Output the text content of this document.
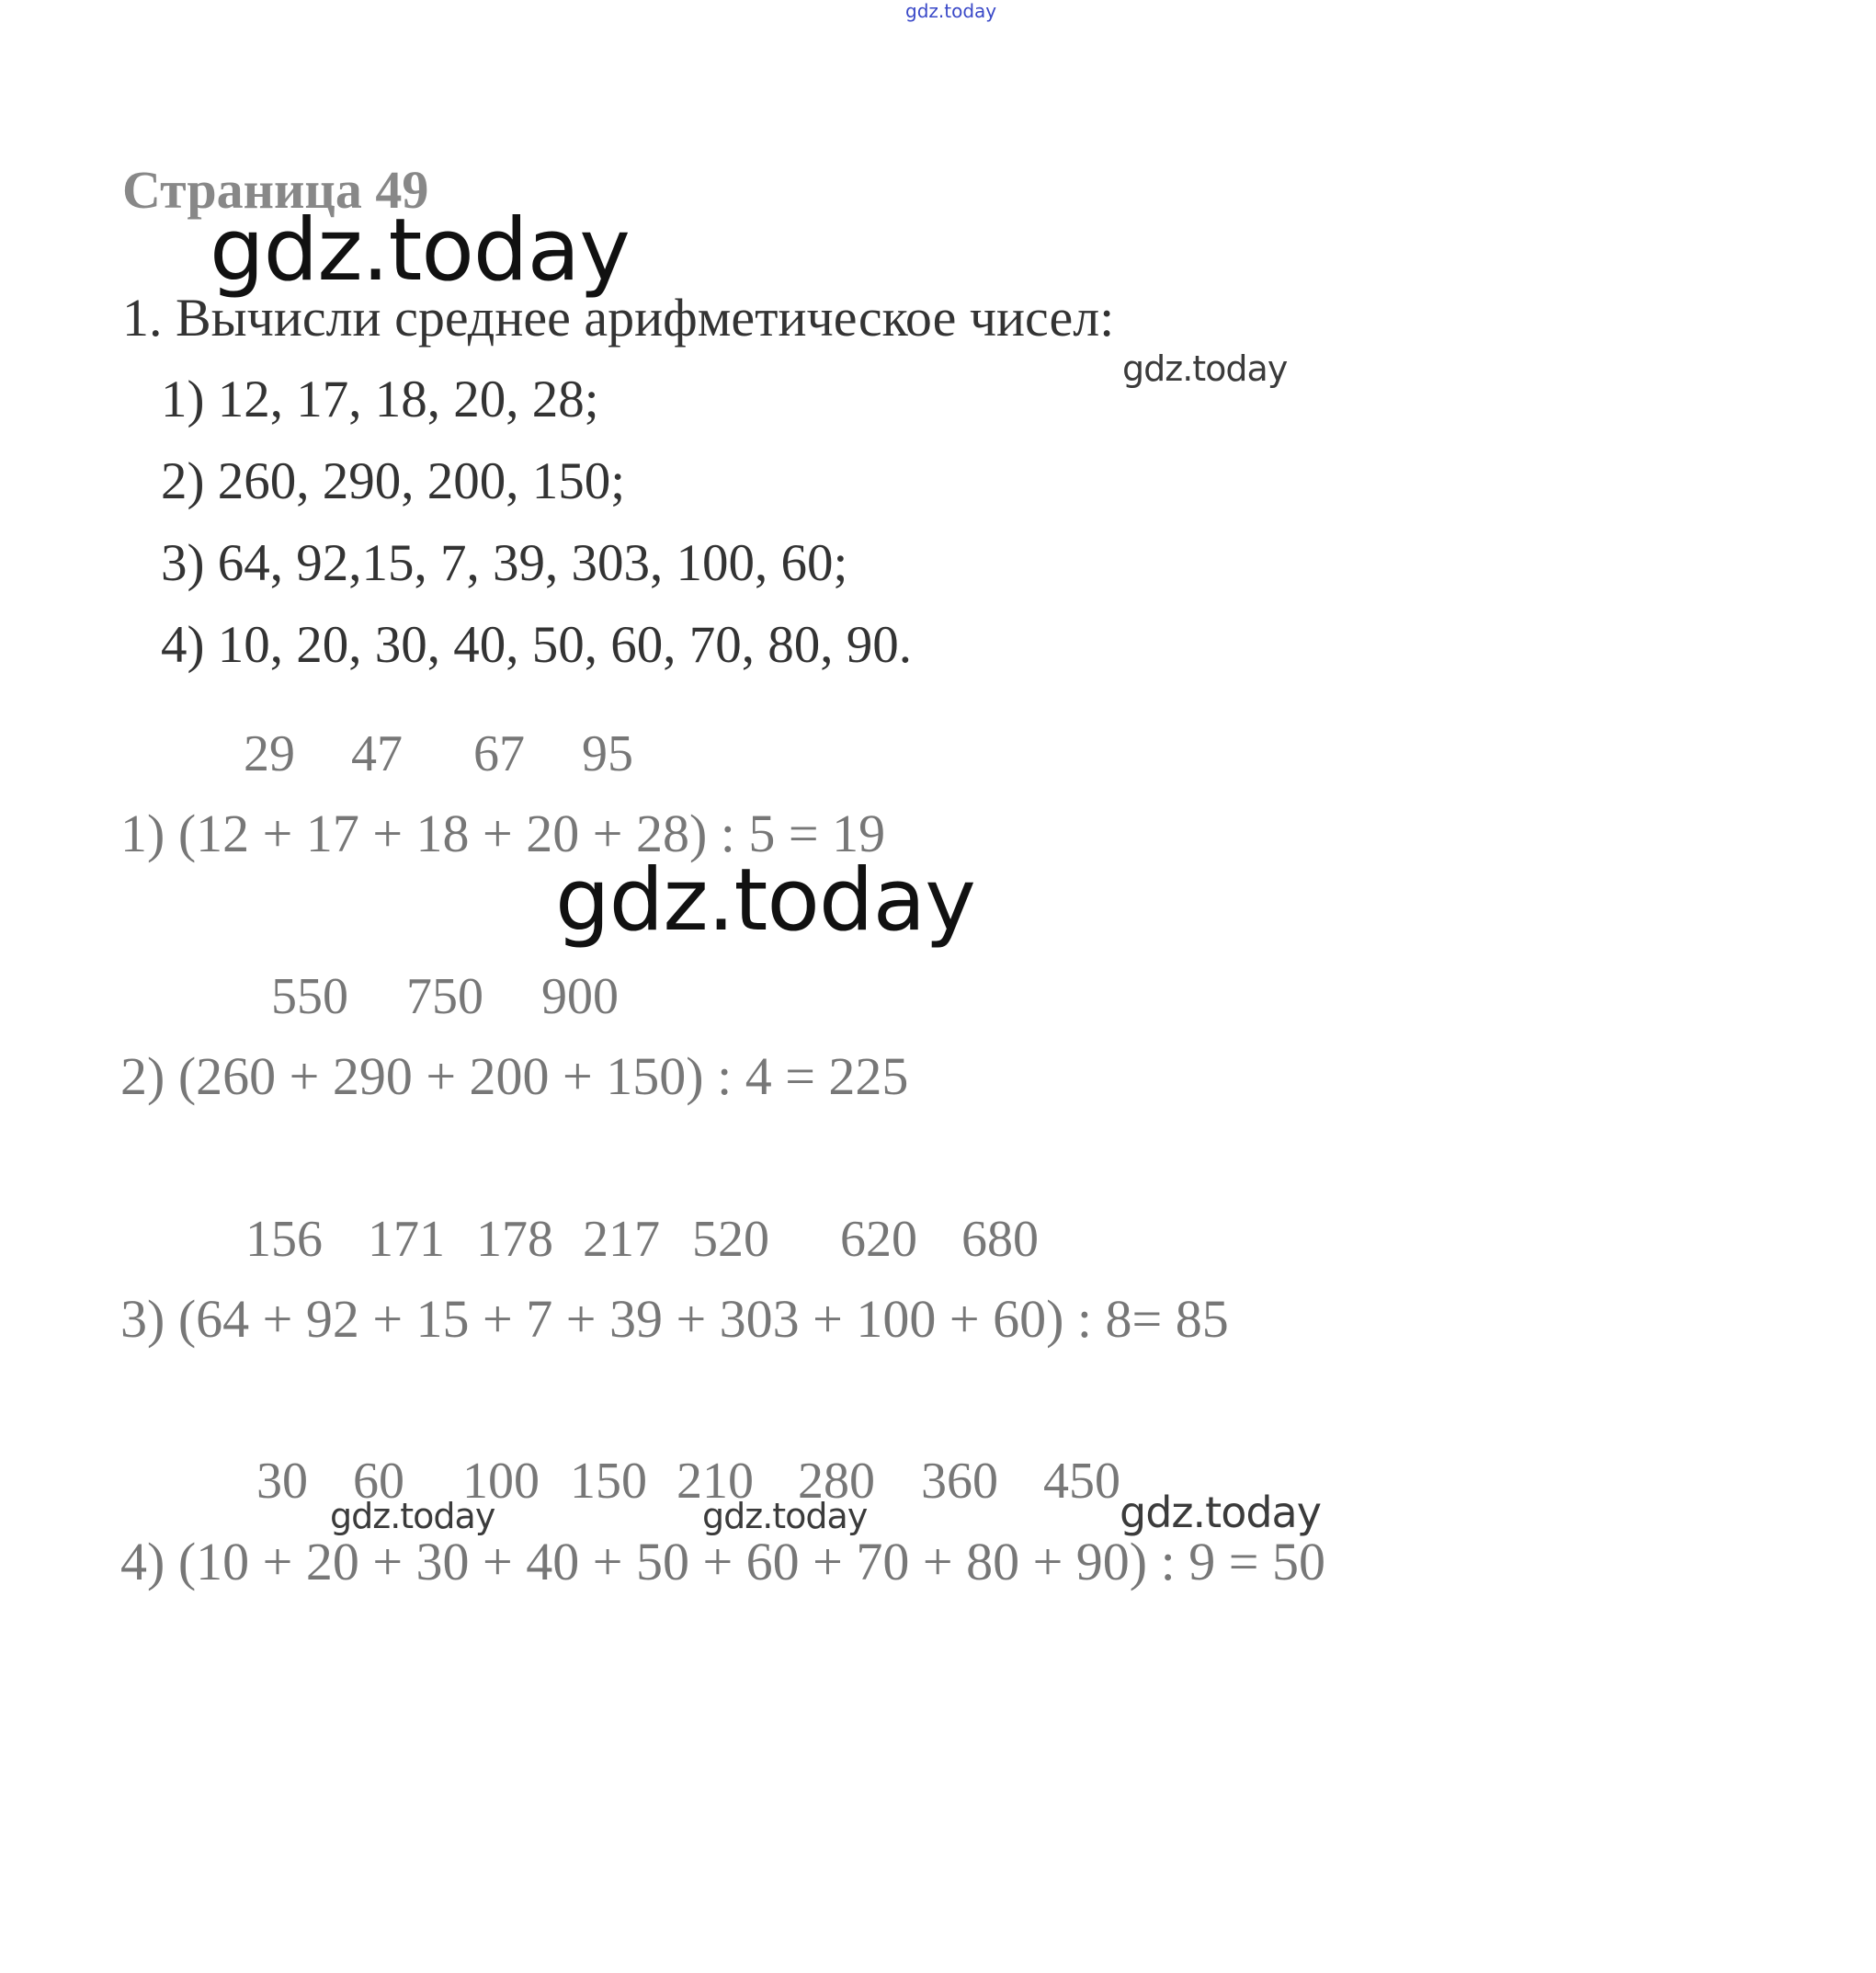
gdz.today
Страница 49
gdz.today
1. Вычисли среднее арифметическое чисел:
gdz.today
1) 12, 17, 18, 20, 28;
2) 260, 290, 200, 150;
3) 64, 92,15, 7, 39, 303, 100, 60;
4) 10, 20, 30, 40, 50, 60, 70, 80, 90.

29

47

67

95

1) (12 + 17 + 18 + 20 + 28) : 5 = 19
gdz.today

550

750

900

2) (260 + 290 + 200 + 150) : 4 = 225

156

171

178

217

520

620

680

3) (64 + 92 + 15 + 7 + 39 + 303 + 100 + 60) : 8= 85

30

60

100

150

210

280

360

450

gdz.today	gdz.today	gdz.today
4) (10 + 20 + 30 + 40 + 50 + 60 + 70 + 80 + 90) : 9 = 50
